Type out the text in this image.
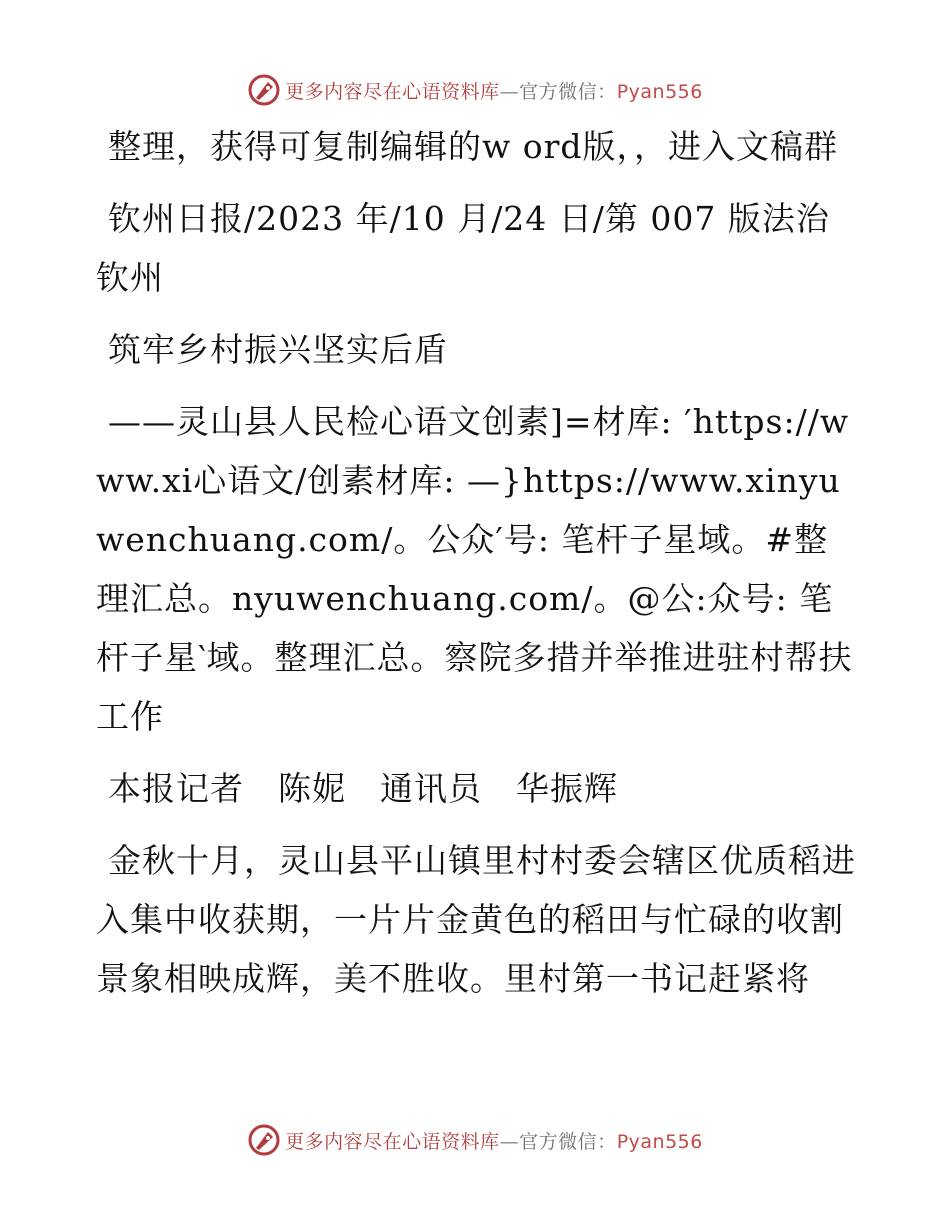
更多内容尽在心语资料库—官方微信：Pyan556

整理，获得可复制编辑的w ord版，，进入文稿群

钦州日报/2023 年/10 月/24 日/第 007 版法治钦州

筑牢乡村振兴坚实后盾

——灵山县人民检心语文创素]=材库: ′https://www.xi心语文/创素材库: —}https://www.xinyuwenchuang.com/。公众′号: 笔杆子星域。#整理汇总。nyuwenchuang.com/。@公:众号: 笔杆子星‵域。整理汇总。察院多措并举推进驻村帮扶工作

本报记者　陈妮　通讯员　华振辉

金秋十月，灵山县平山镇里村村委会辖区优质稻进入集中收获期，一片片金黄色的稻田与忙碌的收割景象相映成辉，美不胜收。里村第一书记赶紧将

更多内容尽在心语资料库—官方微信：Pyan556
